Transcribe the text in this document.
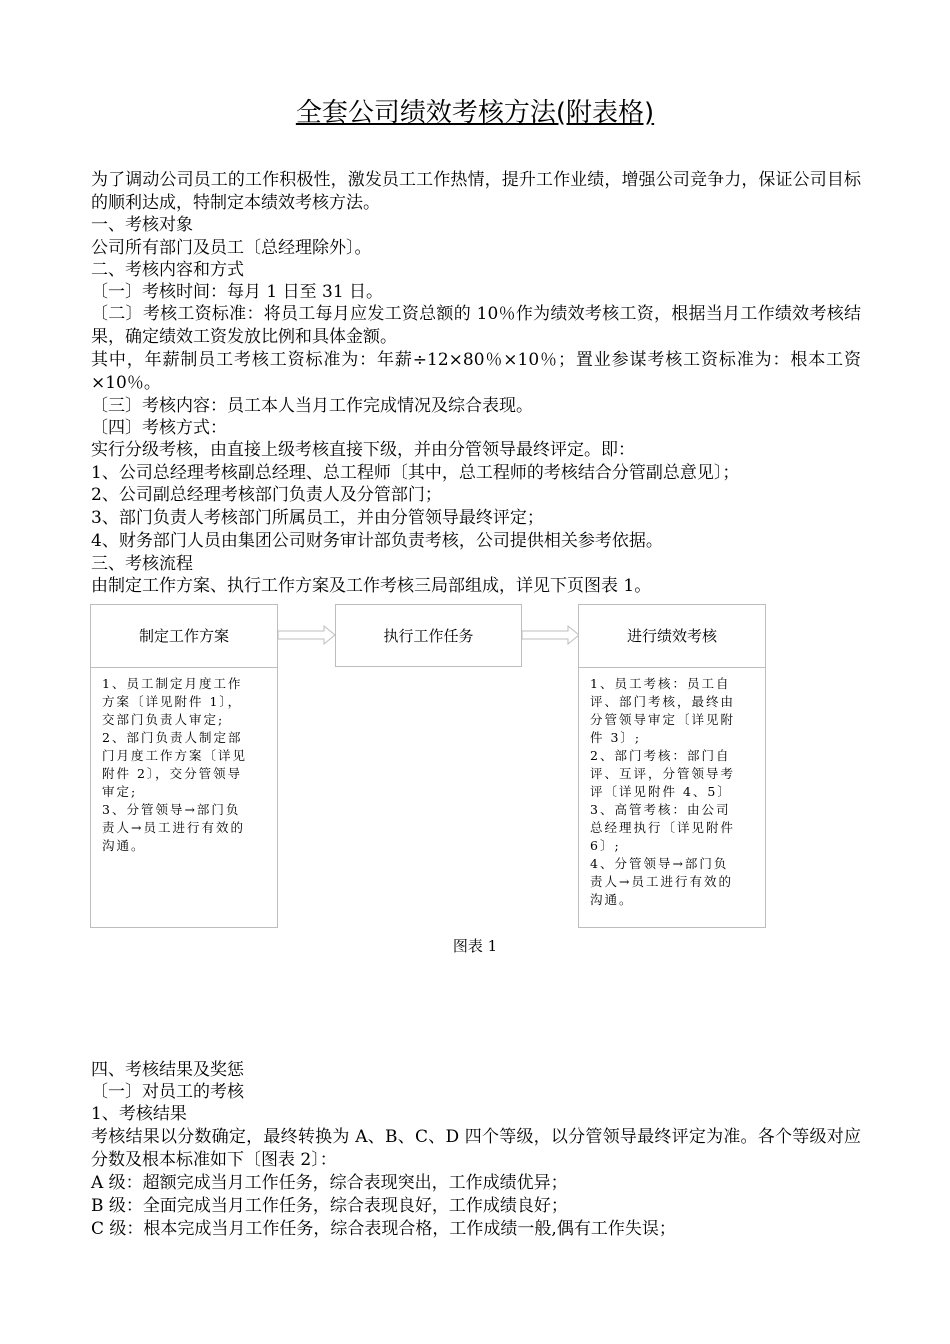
全套公司绩效考核方法(附表格)

为了调动公司员工的工作积极性，激发员工工作热情，提升工作业绩，增强公司竞争力，保证公司目标的顺利达成，特制定本绩效考核方法。

一、考核对象

公司所有部门及员工〔总经理除外〕。

二、考核内容和方式

〔一〕考核时间：每月 1 日至 31 日。

〔二〕考核工资标准：将员工每月应发工资总额的 10％作为绩效考核工资，根据当月工作绩效考核结果，确定绩效工资发放比例和具体金额。

其中，年薪制员工考核工资标准为：年薪÷12×80％×10％；置业参谋考核工资标准为：根本工资×10％。

〔三〕考核内容：员工本人当月工作完成情况及综合表现。

〔四〕考核方式：

实行分级考核，由直接上级考核直接下级，并由分管领导最终评定。即：

1、公司总经理考核副总经理、总工程师〔其中，总工程师的考核结合分管副总意见〕；

2、公司副总经理考核部门负责人及分管部门；

3、部门负责人考核部门所属员工，并由分管领导最终评定；

4、财务部门人员由集团公司财务审计部负责考核，公司提供相关参考依据。

三、考核流程

由制定工作方案、执行工作方案及工作考核三局部组成，详见下页图表 1。

制定工作方案
1、员工制定月度工作
方案〔详见附件 1〕，
交部门负责人审定;
2、部门负责人制定部
门月度工作方案〔详见
附件 2〕，交分管领导
审定;
3、分管领导→部门负
责人→员工进行有效的
沟通。
执行工作任务	进行绩效考核
1、员工考核：员工自
评、部门考核，最终由
分管领导审定〔详见附
件 3〕;
2、部门考核：部门自
评、互评，分管领导考
评〔详见附件 4、5〕
3、高管考核：由公司
总经理执行〔详见附件
6〕;
4、分管领导→部门负
责人→员工进行有效的
沟通。
图表 1

四、考核结果及奖惩

〔一〕对员工的考核

1、考核结果

考核结果以分数确定，最终转换为 A、B、C、D 四个等级，以分管领导最终评定为准。各个等级对应分数及根本标准如下〔图表 2〕：

A 级：超额完成当月工作任务，综合表现突出，工作成绩优异；

B 级：全面完成当月工作任务，综合表现良好，工作成绩良好；

C 级：根本完成当月工作任务，综合表现合格，工作成绩一般,偶有工作失误；
